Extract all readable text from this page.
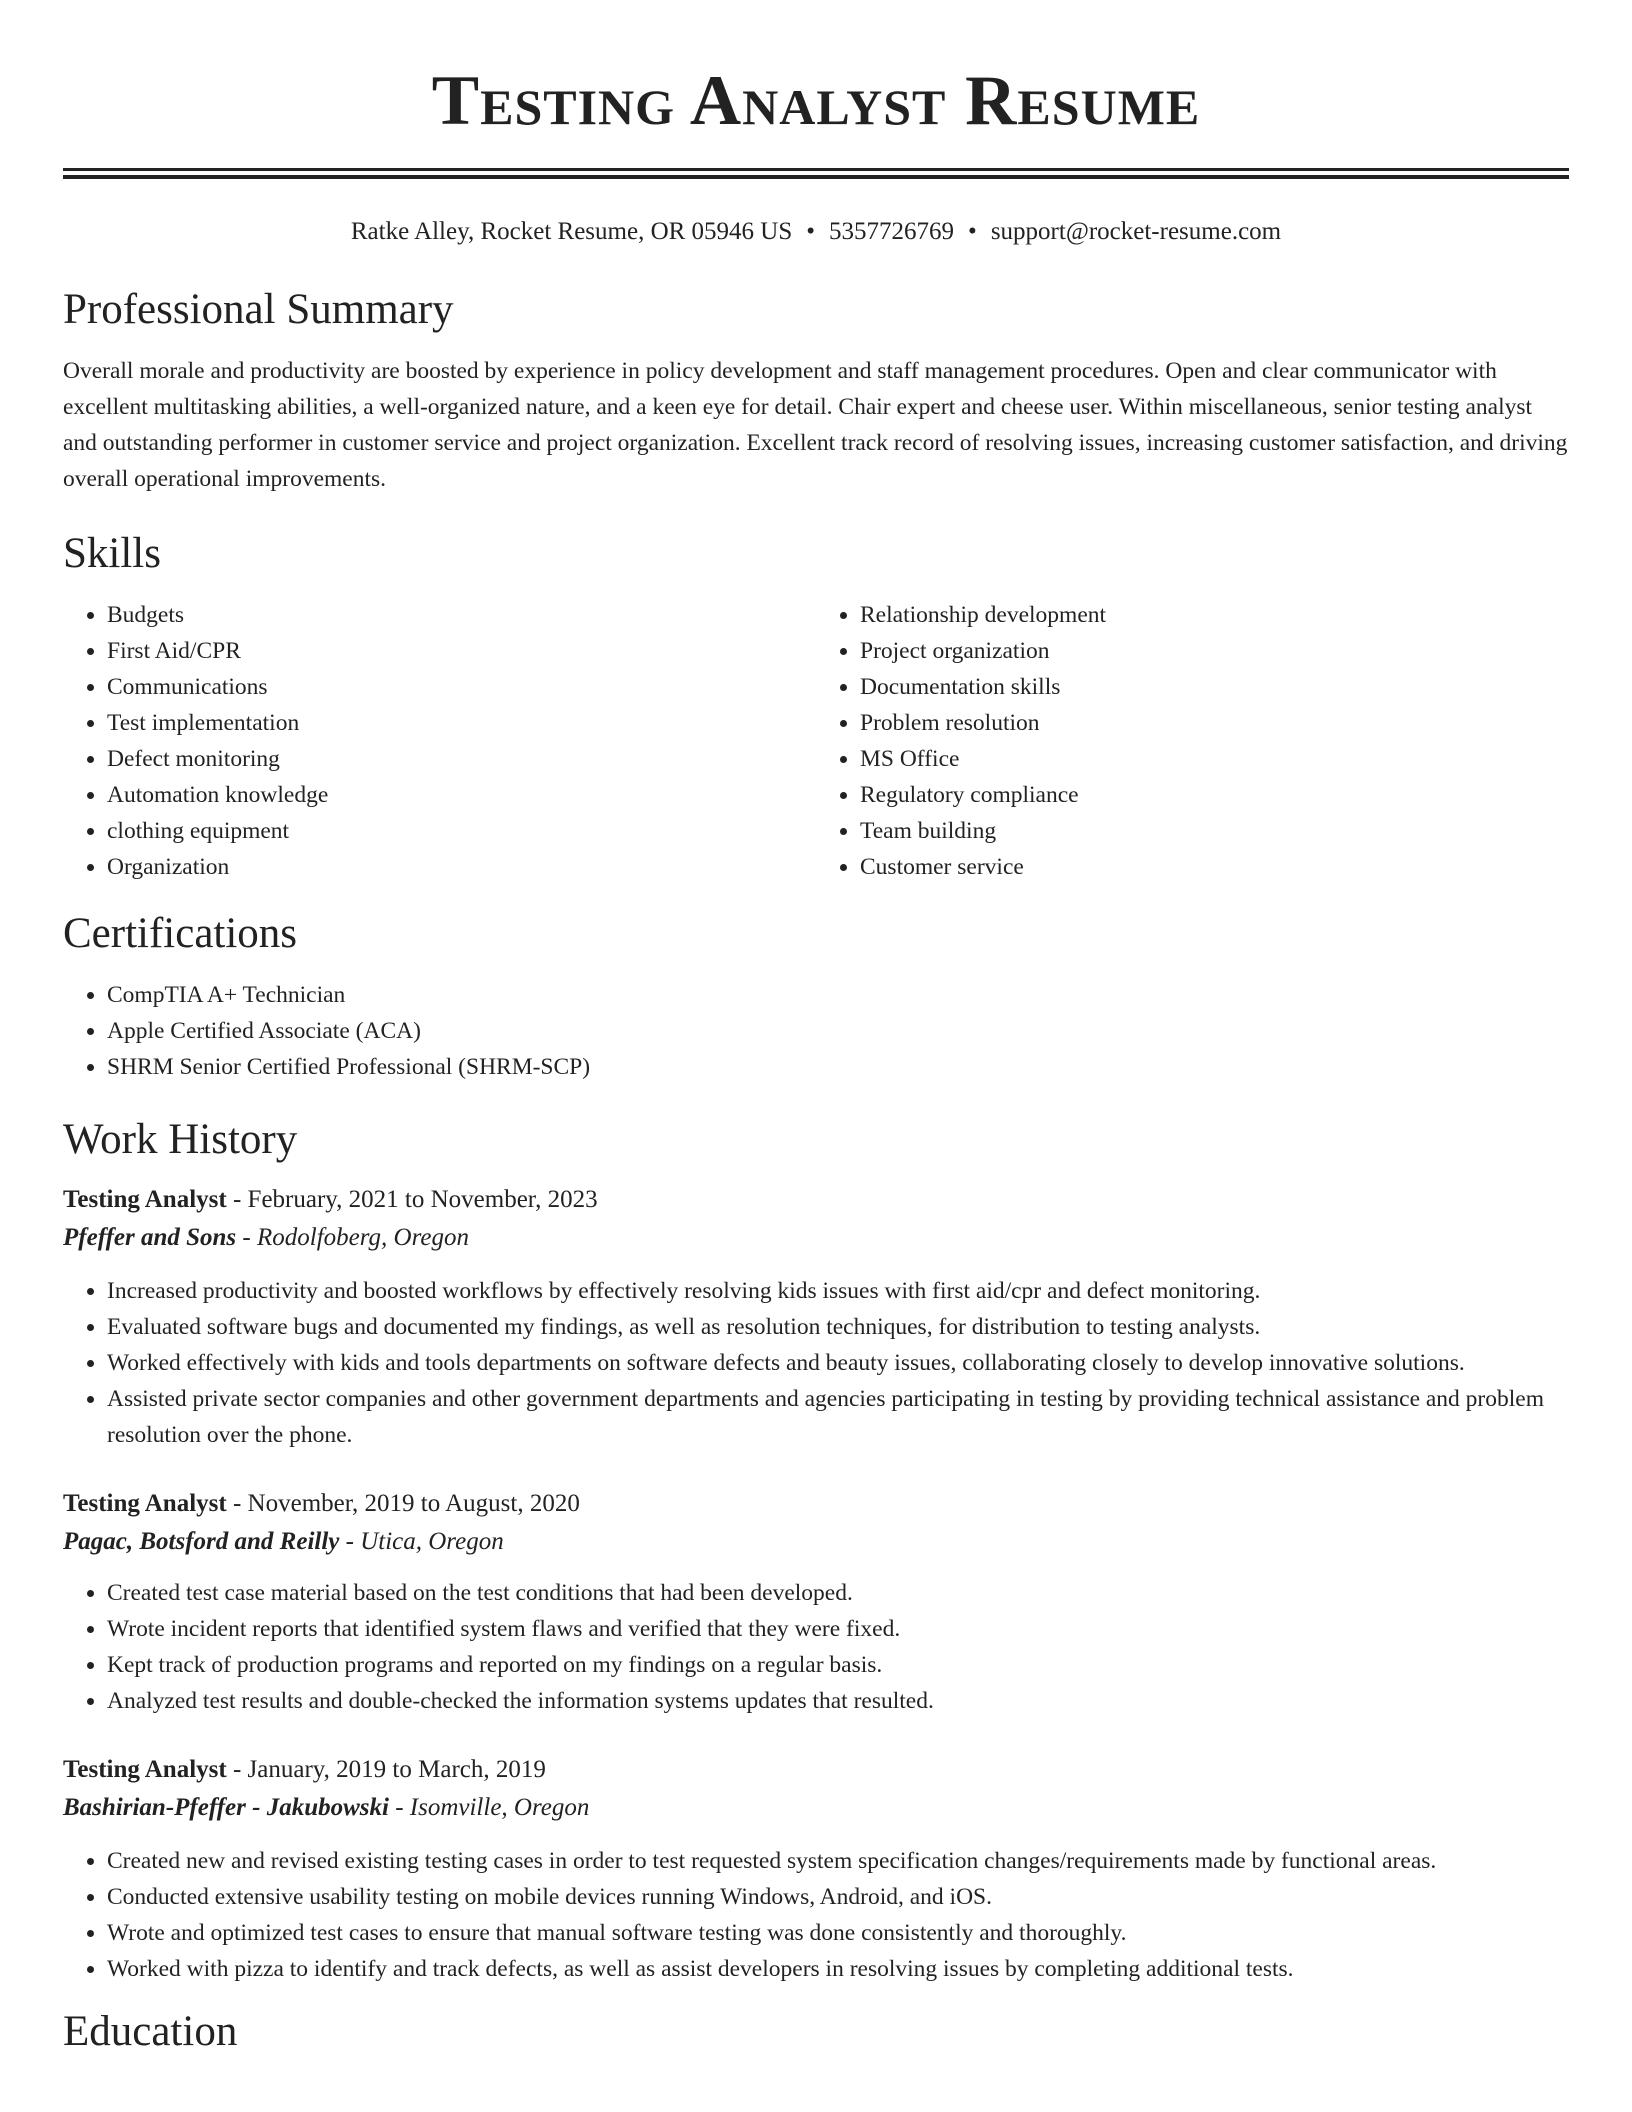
Testing Analyst Resume
Ratke Alley, Rocket Resume, OR 05946 US • 5357726769 • support@rocket-resume.com
Professional Summary

Overall morale and productivity are boosted by experience in policy development and staff management procedures. Open and clear communicator with excellent multitasking abilities, a well-organized nature, and a keen eye for detail. Chair expert and cheese user. Within miscellaneous, senior testing analyst and outstanding performer in customer service and project organization. Excellent track record of resolving issues, increasing customer satisfaction, and driving overall operational improvements.

Skills
• Budgets
• First Aid/CPR
• Communications
• Test implementation
• Defect monitoring
• Automation knowledge
• clothing equipment
• Organization
• Relationship development
• Project organization
• Documentation skills
• Problem resolution
• MS Office
• Regulatory compliance
• Team building
• Customer service
Certifications
• CompTIA A+ Technician
• Apple Certified Associate (ACA)
• SHRM Senior Certified Professional (SHRM-SCP)
Work History
Testing Analyst - February, 2021 to November, 2023
Pfeffer and Sons - Rodolfoberg, Oregon
• Increased productivity and boosted workflows by effectively resolving kids issues with first aid/cpr and defect monitoring.
• Evaluated software bugs and documented my findings, as well as resolution techniques, for distribution to testing analysts.
• Worked effectively with kids and tools departments on software defects and beauty issues, collaborating closely to develop innovative solutions.
• Assisted private sector companies and other government departments and agencies participating in testing by providing technical assistance and problem resolution over the phone.
Testing Analyst - November, 2019 to August, 2020
Pagac, Botsford and Reilly - Utica, Oregon
• Created test case material based on the test conditions that had been developed.
• Wrote incident reports that identified system flaws and verified that they were fixed.
• Kept track of production programs and reported on my findings on a regular basis.
• Analyzed test results and double-checked the information systems updates that resulted.
Testing Analyst - January, 2019 to March, 2019
Bashirian-Pfeffer - Jakubowski - Isomville, Oregon
• Created new and revised existing testing cases in order to test requested system specification changes/requirements made by functional areas.
• Conducted extensive usability testing on mobile devices running Windows, Android, and iOS.
• Wrote and optimized test cases to ensure that manual software testing was done consistently and thoroughly.
• Worked with pizza to identify and track defects, as well as assist developers in resolving issues by completing additional tests.
Education
